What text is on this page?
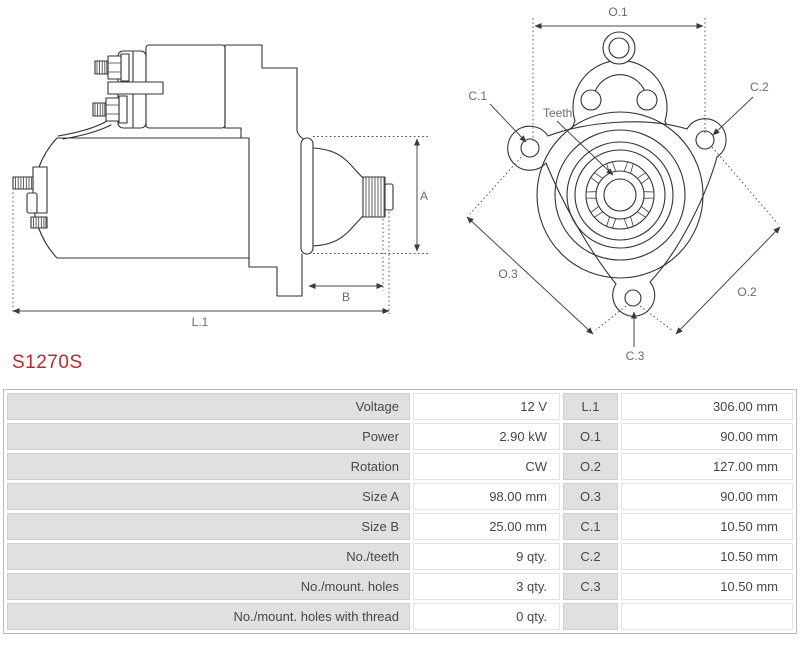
A
B
L.1
O.1
C.1
C.2
Teeth
O.3
O.2
C.3
S1270S
Voltage	12 V	L.1	306.00 mm
Power	2.90 kW	O.1	90.00 mm
Rotation	CW	O.2	127.00 mm
Size A	98.00 mm	O.3	90.00 mm
Size B	25.00 mm	C.1	10.50 mm
No./teeth	9 qty.	C.2	10.50 mm
No./mount. holes	3 qty.	C.3	10.50 mm
No./mount. holes with thread	0 qty.		
